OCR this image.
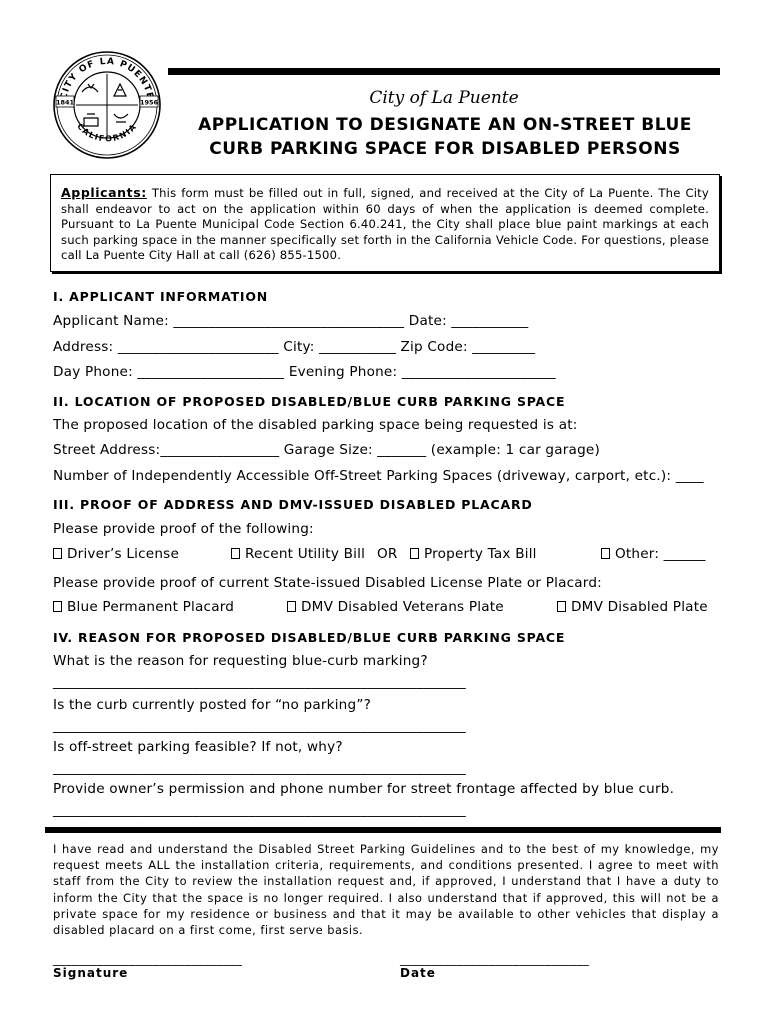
ITY OF LA PUENT
CALIFORNIA
1841	1956	City of La Puente
APPLICATION TO DESIGNATE AN ON-STREET BLUE
CURB PARKING SPACE FOR DISABLED PERSONS
Applicants: This form must be filled out in full, signed, and received at the City of La Puente. The City shall endeavor to act on the application within 60 days of when the application is deemed complete. Pursuant to La Puente Municipal Code Section 6.40.241, the City shall place blue paint markings at each such parking space in the manner specifically set forth in the California Vehicle Code. For questions, please call La Puente City Hall at call (626) 855-1500.
I. APPLICANT INFORMATION
Applicant Name: _________________________________ Date: ___________
Address: _______________________ City: ___________ Zip Code: _________
Day Phone: _____________________ Evening Phone: ______________________
II. LOCATION OF PROPOSED DISABLED/BLUE CURB PARKING SPACE
The proposed location of the disabled parking space being requested is at:
Street Address:_________________ Garage Size: _______ (example: 1 car garage)
Number of Independently Accessible Off-Street Parking Spaces (driveway, carport, etc.): ____
III. PROOF OF ADDRESS AND DMV-ISSUED DISABLED PLACARD
Please provide proof of the following:
Driver’s License	Recent Utility Bill OR	Property Tax Bill	Other: ______
Please provide proof of current State-issued Disabled License Plate or Placard:
Blue Permanent Placard	DMV Disabled Veterans Plate	DMV Disabled Plate
IV. REASON FOR PROPOSED DISABLED/BLUE CURB PARKING SPACE
What is the reason for requesting blue-curb marking?
___________________________________________________________
Is the curb currently posted for “no parking”?
___________________________________________________________
Is off-street parking feasible? If not, why?
___________________________________________________________
Provide owner’s permission and phone number for street frontage affected by blue curb.
___________________________________________________________
I have read and understand the Disabled Street Parking Guidelines and to the best of my knowledge, my request meets ALL the installation criteria, requirements, and conditions presented. I agree to meet with staff from the City to review the installation request and, if approved, I understand that I have a duty to inform the City that the space is no longer required. I also understand that if approved, this will not be a private space for my residence or business and that it may be available to other vehicles that display a disabled placard on a first come, first serve basis.
______________________________	______________________________
Signature	Date
